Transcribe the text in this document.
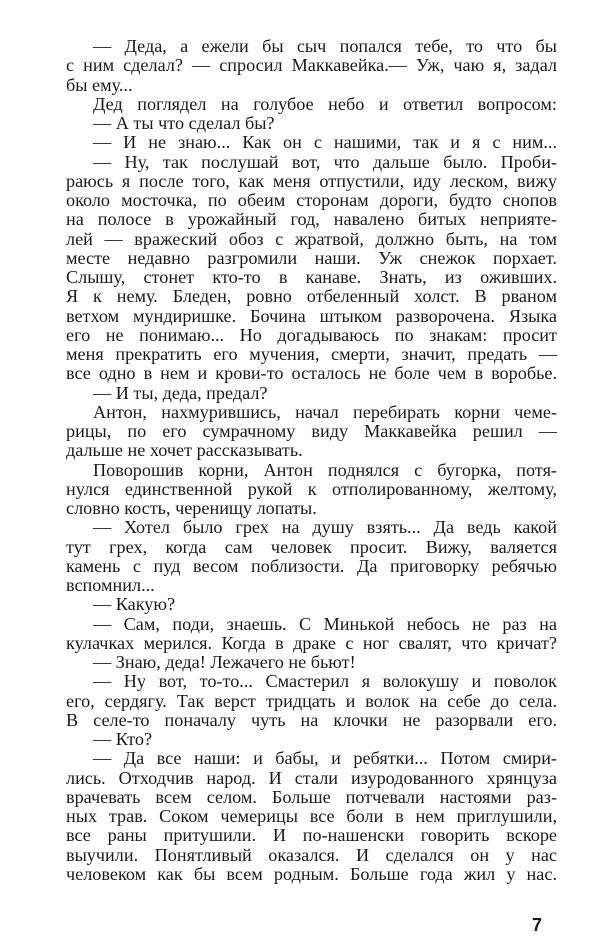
— Деда, а ежели бы сыч попался тебе, то что бы
с ним сделал? — спросил Маккавейка.— Уж, чаю я, задал
бы ему...
Дед поглядел на голубое небо и ответил вопросом:
— А ты что сделал бы?
— И не знаю... Как он с нашими, так и я с ним...
— Ну, так послушай вот, что дальше было. Проби-
раюсь я после того, как меня отпустили, иду леском, вижу
около мосточка, по обеим сторонам дороги, будто снопов
на полосе в урожайный год, навалено битых неприяте-
лей — вражеский обоз с жратвой, должно быть, на том
месте недавно разгромили наши. Уж снежок порхает.
Слышу, стонет кто-то в канаве. Знать, из оживших.
Я к нему. Бледен, ровно отбеленный холст. В рваном
ветхом мундиришке. Бочина штыком разворочена. Языка
его не понимаю... Но догадываюсь по знакам: просит
меня прекратить его мучения, смерти, значит, предать —
все одно в нем и крови-то осталось не боле чем в воробье.
— И ты, деда, предал?
Антон, нахмурившись, начал перебирать корни чеме-
рицы, по его сумрачному виду Маккавейка решил —
дальше не хочет рассказывать.
Поворошив корни, Антон поднялся с бугорка, потя-
нулся единственной рукой к отполированному, желтому,
словно кость, черенищу лопаты.
— Хотел было грех на душу взять... Да ведь какой
тут грех, когда сам человек просит. Вижу, валяется
камень с пуд весом поблизости. Да приговорку ребячью
вспомнил...
— Какую?
— Сам, поди, знаешь. С Минькой небось не раз на
кулачках мерился. Когда в драке с ног свалят, что кричат?
— Знаю, деда! Лежачего не бьют!
— Ну вот, то-то... Смастерил я волокушу и поволок
его, сердягу. Так верст тридцать и волок на себе до села.
В селе-то поначалу чуть на клочки не разорвали его.
— Кто?
— Да все наши: и бабы, и ребятки... Потом смири-
лись. Отходчив народ. И стали изуродованного хрянцуза
врачевать всем селом. Больше потчевали настоями раз-
ных трав. Соком чемерицы все боли в нем приглушили,
все раны притушили. И по-нашенски говорить вскоре
выучили. Понятливый оказался. И сделался он у нас
человеком как бы всем родным. Больше года жил у нас.
7
